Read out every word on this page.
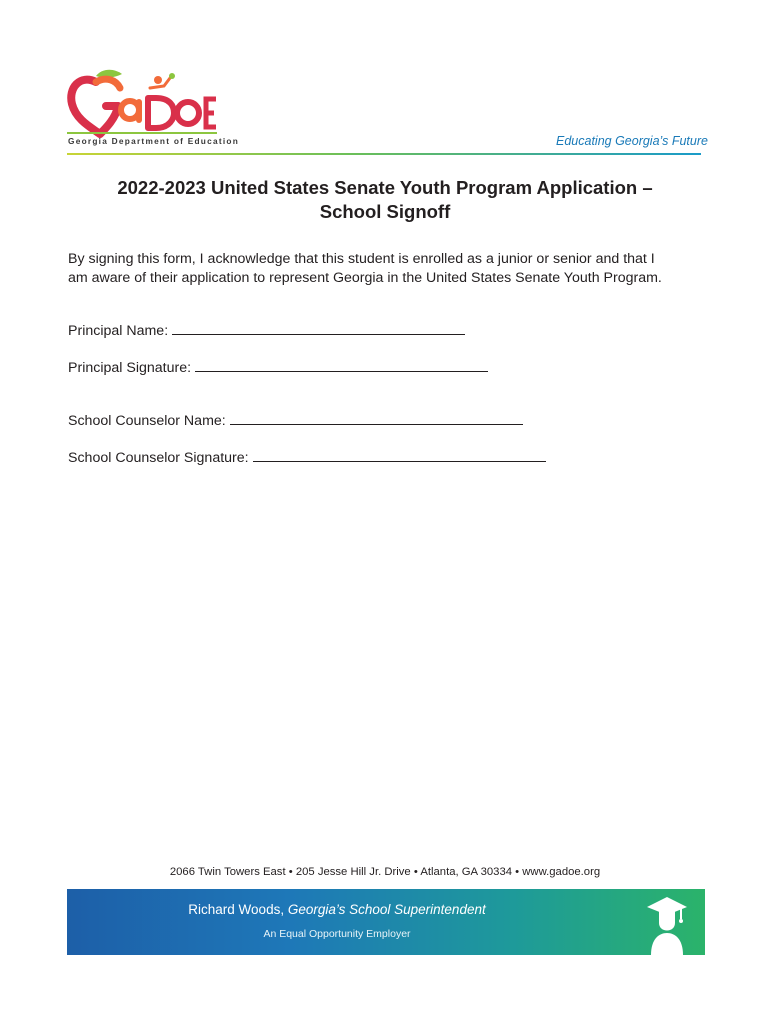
Georgia Department of Education	Educating Georgia’s Future
2022-2023 United States Senate Youth Program Application –
School Signoff
By signing this form, I acknowledge that this student is enrolled as a junior or senior and that I
am aware of their application to represent Georgia in the United States Senate Youth Program.
Principal Name:
Principal Signature:
School Counselor Name:
School Counselor Signature:
2066 Twin Towers East • 205 Jesse Hill Jr. Drive • Atlanta, GA 30334 • www.gadoe.org
Richard Woods, Georgia’s School Superintendent
An Equal Opportunity Employer
